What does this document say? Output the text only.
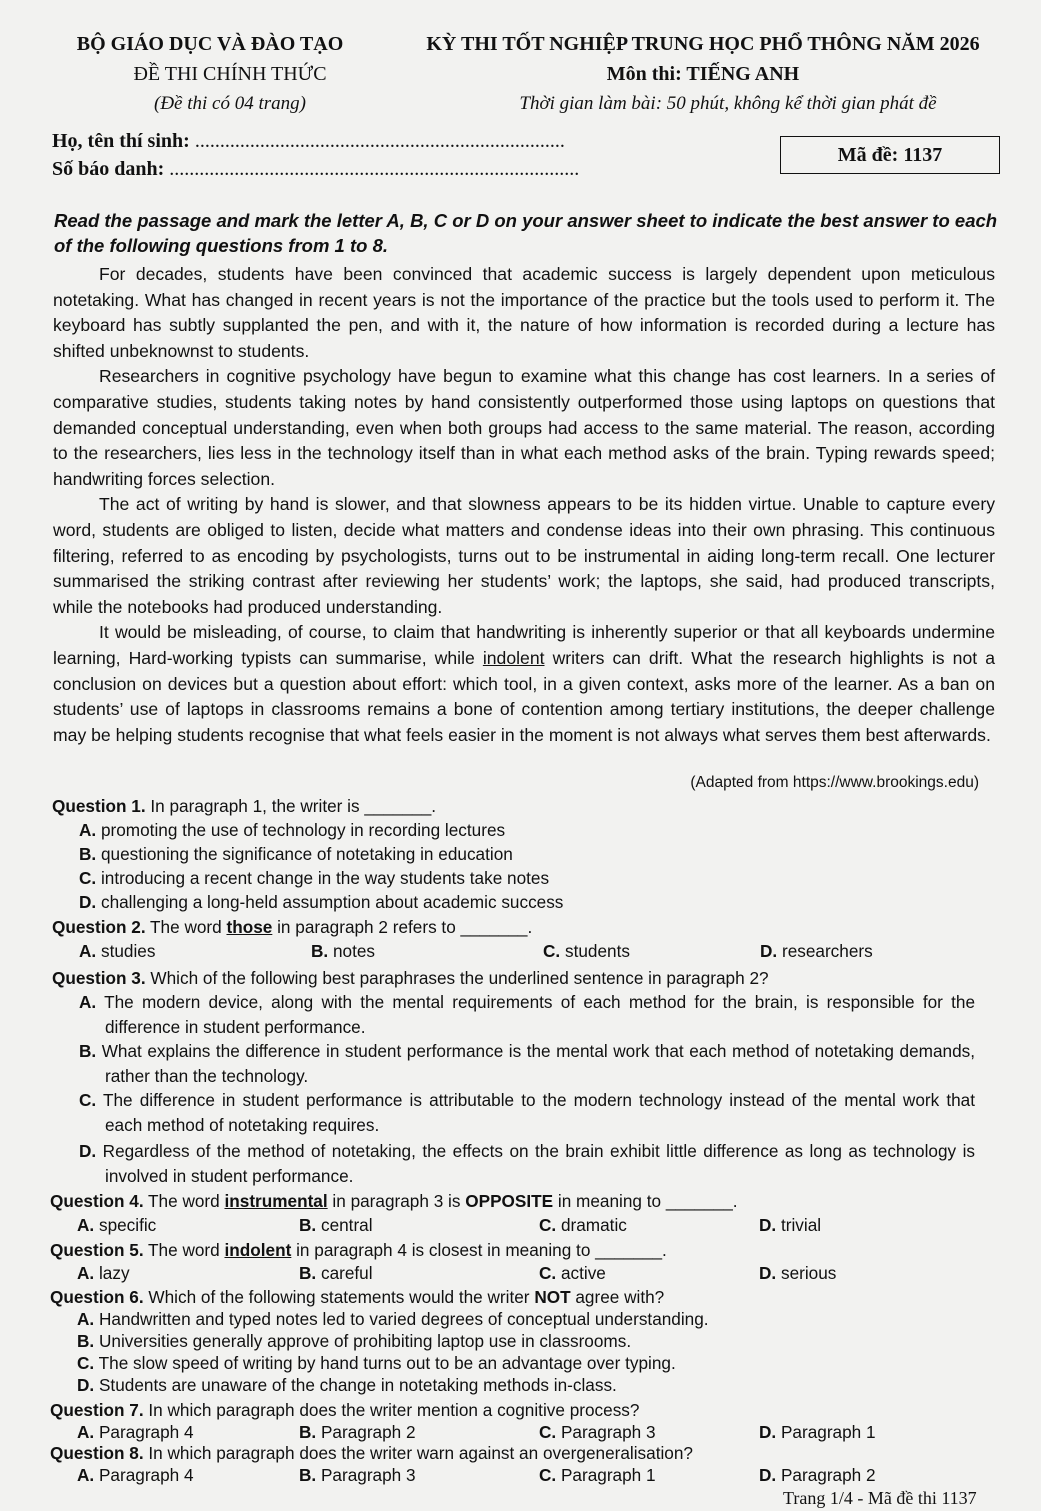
BỘ GIÁO DỤC VÀ ĐÀO TẠO
ĐỀ THI CHÍNH THỨC
(Đề thi có 04 trang)
KỲ THI TỐT NGHIỆP TRUNG HỌC PHỔ THÔNG NĂM 2026
Môn thi: TIẾNG ANH
Thời gian làm bài: 50 phút, không kể thời gian phát đề
Họ, tên thí sinh: ..........................................................................
Số báo danh: ..................................................................................
Mã đề: 1137
Read the passage and mark the letter A, B, C or D on your answer sheet to indicate the best answer to each of the following questions from 1 to 8.

For decades, students have been convinced that academic success is largely dependent upon meticulous notetaking. What has changed in recent years is not the importance of the practice but the tools used to perform it. The keyboard has subtly supplanted the pen, and with it, the nature of how information is recorded during a lecture has shifted unbeknownst to students.

Researchers in cognitive psychology have begun to examine what this change has cost learners. In a series of comparative studies, students taking notes by hand consistently outperformed those using laptops on questions that demanded conceptual understanding, even when both groups had access to the same material. The reason, according to the researchers, lies less in the technology itself than in what each method asks of the brain. Typing rewards speed; handwriting forces selection.

The act of writing by hand is slower, and that slowness appears to be its hidden virtue. Unable to capture every word, students are obliged to listen, decide what matters and condense ideas into their own phrasing. This continuous filtering, referred to as encoding by psychologists, turns out to be instrumental in aiding long-term recall. One lecturer summarised the striking contrast after reviewing her students’ work; the laptops, she said, had produced transcripts, while the notebooks had produced understanding.

It would be misleading, of course, to claim that handwriting is inherently superior or that all keyboards undermine learning, Hard-working typists can summarise, while indolent writers can drift. What the research highlights is not a conclusion on devices but a question about effort: which tool, in a given context, asks more of the learner. As a ban on students’ use of laptops in classrooms remains a bone of contention among tertiary institutions, the deeper challenge may be helping students recognise that what feels easier in the moment is not always what serves them best afterwards.

(Adapted from https://www.brookings.edu)
Question 1. In paragraph 1, the writer is _______.
A. promoting the use of technology in recording lectures
B. questioning the significance of notetaking in education
C. introducing a recent change in the way students take notes
D. challenging a long-held assumption about academic success
Question 2. The word those in paragraph 2 refers to _______.
A. studies	B. notes	C. students	D. researchers
Question 3. Which of the following best paraphrases the underlined sentence in paragraph 2?
A. The modern device, along with the mental requirements of each method for the brain, is responsible for the difference in student performance.
B. What explains the difference in student performance is the mental work that each method of notetaking demands, rather than the technology.
C. The difference in student performance is attributable to the modern technology instead of the mental work that each method of notetaking requires.
D. Regardless of the method of notetaking, the effects on the brain exhibit little difference as long as technology is involved in student performance.
Question 4. The word instrumental in paragraph 3 is OPPOSITE in meaning to _______.
A. specific	B. central	C. dramatic	D. trivial
Question 5. The word indolent in paragraph 4 is closest in meaning to _______.
A. lazy	B. careful	C. active	D. serious
Question 6. Which of the following statements would the writer NOT agree with?
A. Handwritten and typed notes led to varied degrees of conceptual understanding.
B. Universities generally approve of prohibiting laptop use in classrooms.
C. The slow speed of writing by hand turns out to be an advantage over typing.
D. Students are unaware of the change in notetaking methods in-class.
Question 7. In which paragraph does the writer mention a cognitive process?
A. Paragraph 4	B. Paragraph 2	C. Paragraph 3	D. Paragraph 1
Question 8. In which paragraph does the writer warn against an overgeneralisation?
A. Paragraph 4	B. Paragraph 3	C. Paragraph 1	D. Paragraph 2
Trang 1/4 - Mã đề thi 1137
